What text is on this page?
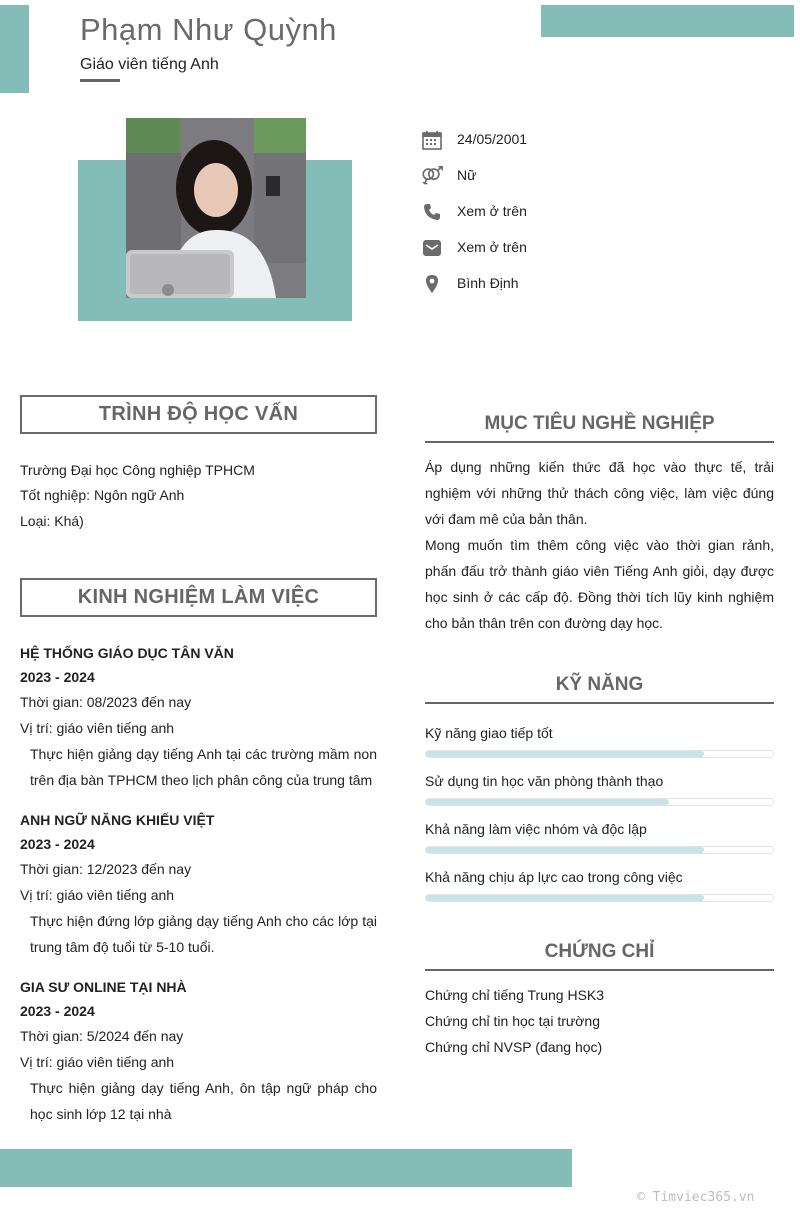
Phạm Như Quỳnh
Giáo viên tiếng Anh
24/05/2001
Nữ
Xem ở trên
Xem ở trên
Bình Định
TRÌNH ĐỘ HỌC VẤN
Trường Đại học Công nghiệp TPHCM
Tốt nghiệp: Ngôn ngữ Anh
Loại: Khá)
KINH NGHIỆM LÀM VIỆC
HỆ THỐNG GIÁO DỤC TÂN VĂN
2023 - 2024
Thời gian: 08/2023 đến nay
Vị trí: giáo viên tiếng anh
Thực hiện giảng dạy tiếng Anh tại các trường mầm non trên địa bàn TPHCM theo lịch phân công của trung tâm
ANH NGỮ NĂNG KHIẾU VIỆT
2023 - 2024
Thời gian: 12/2023 đến nay
Vị trí: giáo viên tiếng anh
Thực hiện đứng lớp giảng dạy tiếng Anh cho các lớp tại trung tâm độ tuổi từ 5-10 tuổi.
GIA SƯ ONLINE TẠI NHÀ
2023 - 2024
Thời gian: 5/2024 đến nay
Vị trí: giáo viên tiếng anh
Thực hiện giảng dạy tiếng Anh, ôn tập ngữ pháp cho học sinh lớp 12 tại nhà
MỤC TIÊU NGHỀ NGHIỆP
Áp dụng những kiến thức đã học vào thực tế, trải nghiệm với những thử thách công việc, làm việc đúng với đam mê của bản thân.
Mong muốn tìm thêm công việc vào thời gian rảnh, phấn đấu trở thành giáo viên Tiếng Anh giỏi, dạy được học sinh ở các cấp độ. Đồng thời tích lũy kinh nghiệm cho bản thân trên con đường dạy học.
KỸ NĂNG
Kỹ năng giao tiếp tốt
Sử dụng tin học văn phòng thành thạo
Khả năng làm việc nhóm và độc lập
Khả năng chịu áp lực cao trong công việc
CHỨNG CHỈ
Chứng chỉ tiếng Trung HSK3
Chứng chỉ tin học tại trường
Chứng chỉ NVSP (đang học)
© Timviec365.vn
